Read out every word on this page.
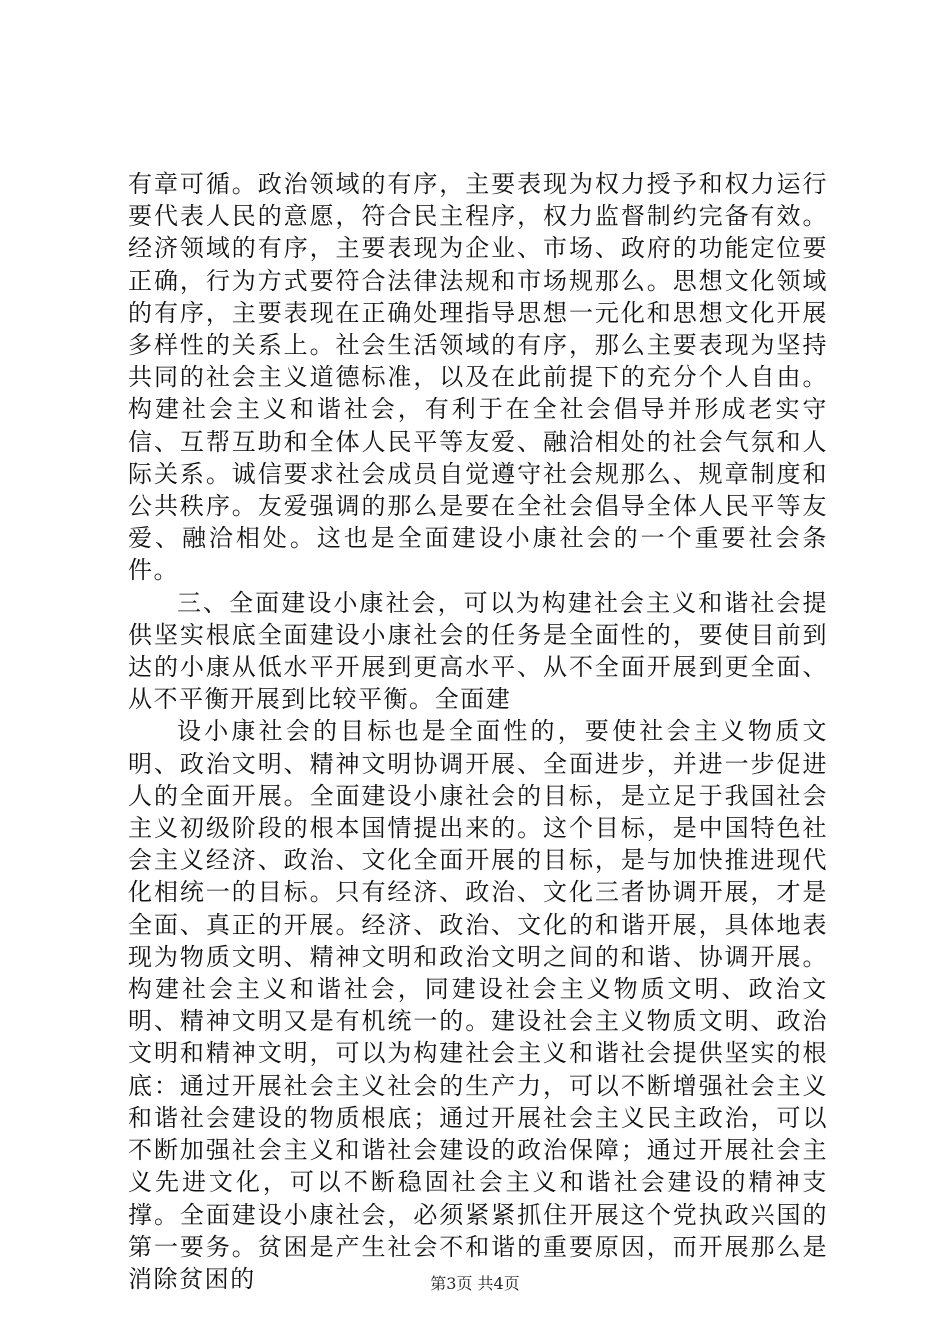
有章可循。政治领域的有序，主要表现为权力授予和权力运行要代表人民的意愿，符合民主程序，权力监督制约完备有效。经济领域的有序，主要表现为企业、市场、政府的功能定位要正确，行为方式要符合法律法规和市场规那么。思想文化领域的有序，主要表现在正确处理指导思想一元化和思想文化开展多样性的关系上。社会生活领域的有序，那么主要表现为坚持共同的社会主义道德标准，以及在此前提下的充分个人自由。构建社会主义和谐社会，有利于在全社会倡导并形成老实守信、互帮互助和全体人民平等友爱、融洽相处的社会气氛和人际关系。诚信要求社会成员自觉遵守社会规那么、规章制度和公共秩序。友爱强调的那么是要在全社会倡导全体人民平等友爱、融洽相处。这也是全面建设小康社会的一个重要社会条件。

三、全面建设小康社会，可以为构建社会主义和谐社会提供坚实根底全面建设小康社会的任务是全面性的，要使目前到达的小康从低水平开展到更高水平、从不全面开展到更全面、从不平衡开展到比较平衡。全面建

设小康社会的目标也是全面性的，要使社会主义物质文明、政治文明、精神文明协调开展、全面进步，并进一步促进人的全面开展。全面建设小康社会的目标，是立足于我国社会主义初级阶段的根本国情提出来的。这个目标，是中国特色社会主义经济、政治、文化全面开展的目标，是与加快推进现代化相统一的目标。只有经济、政治、文化三者协调开展，才是全面、真正的开展。经济、政治、文化的和谐开展，具体地表现为物质文明、精神文明和政治文明之间的和谐、协调开展。构建社会主义和谐社会，同建设社会主义物质文明、政治文明、精神文明又是有机统一的。建设社会主义物质文明、政治文明和精神文明，可以为构建社会主义和谐社会提供坚实的根底：通过开展社会主义社会的生产力，可以不断增强社会主义和谐社会建设的物质根底；通过开展社会主义民主政治，可以不断加强社会主义和谐社会建设的政治保障；通过开展社会主义先进文化，可以不断稳固社会主义和谐社会建设的精神支撑。全面建设小康社会，必须紧紧抓住开展这个党执政兴国的第一要务。贫困是产生社会不和谐的重要原因，而开展那么是消除贫困的	第3页 共4页
